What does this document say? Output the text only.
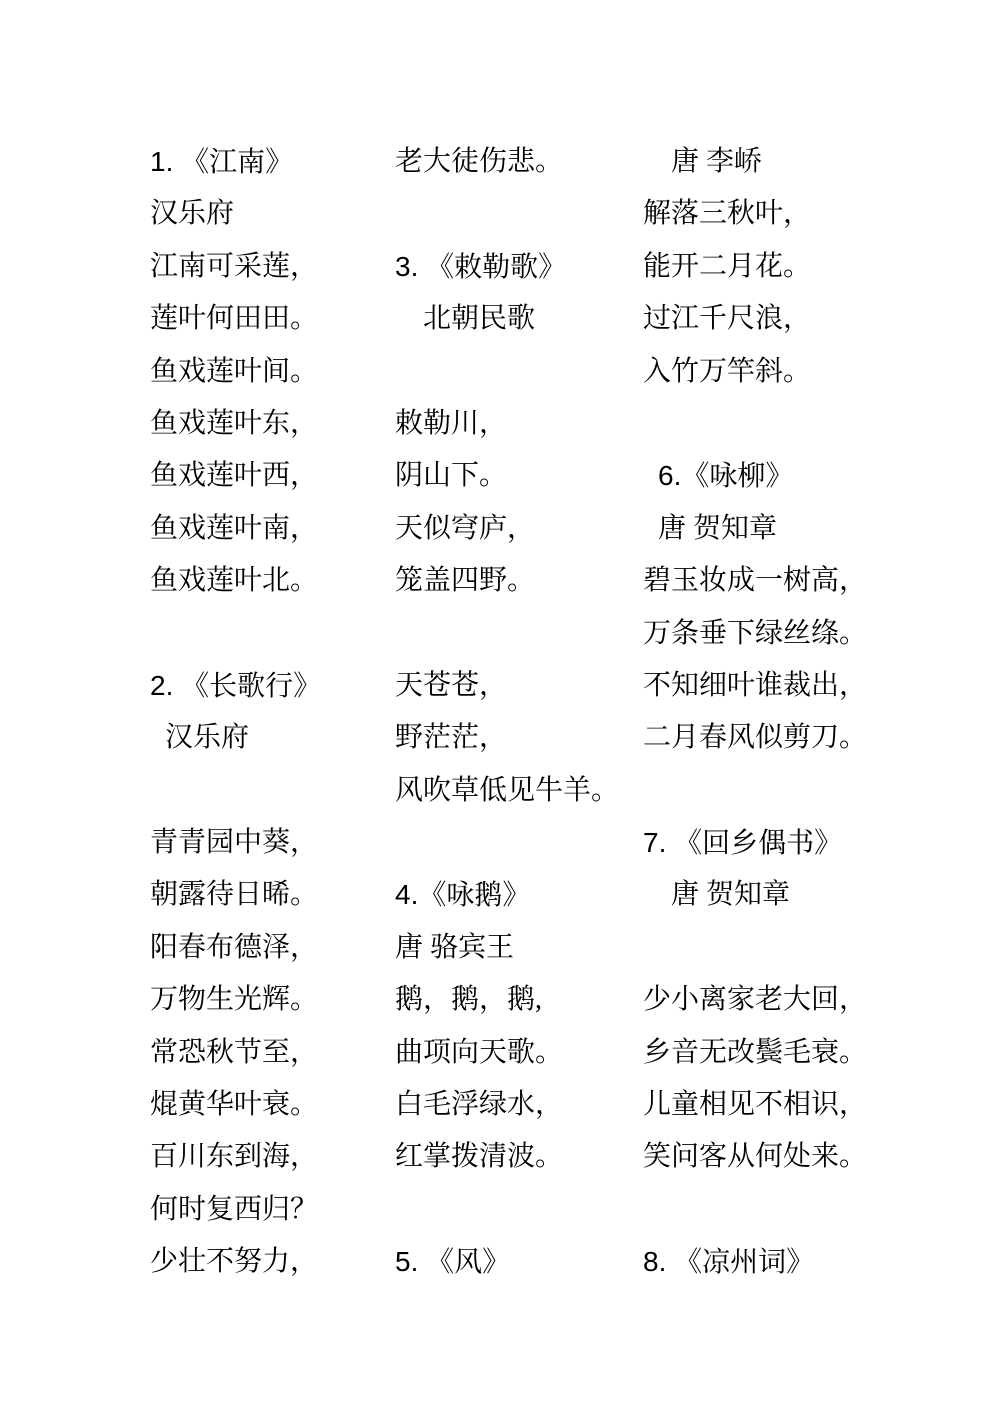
1. 《江南》
汉乐府
江南可采莲，
莲叶何田田。
鱼戏莲叶间。
鱼戏莲叶东，
鱼戏莲叶西，
鱼戏莲叶南，
鱼戏莲叶北。
2. 《长歌行》
汉乐府
青青园中葵，
朝露待日晞。
阳春布德泽，
万物生光辉。
常恐秋节至，
焜黄华叶衰。
百川东到海，
何时复西归？
少壮不努力，
老大徒伤悲。
3. 《敕勒歌》
北朝民歌
敕勒川，
阴山下。
天似穹庐，
笼盖四野。
天苍苍，
野茫茫，
风吹草低见牛羊。
4.《咏鹅》
唐 骆宾王
鹅，鹅，鹅,
曲项向天歌。
白毛浮绿水，
红掌拨清波。
5. 《风》
唐 李峤
解落三秋叶，
能开二月花。
过江千尺浪，
入竹万竿斜。
6.《咏柳》
唐 贺知章
碧玉妆成一树高，
万条垂下绿丝绦。
不知细叶谁裁出，
二月春风似剪刀。
7. 《回乡偶书》
唐 贺知章
少小离家老大回，
乡音无改鬓毛衰。
儿童相见不相识，
笑问客从何处来。
8. 《凉州词》
